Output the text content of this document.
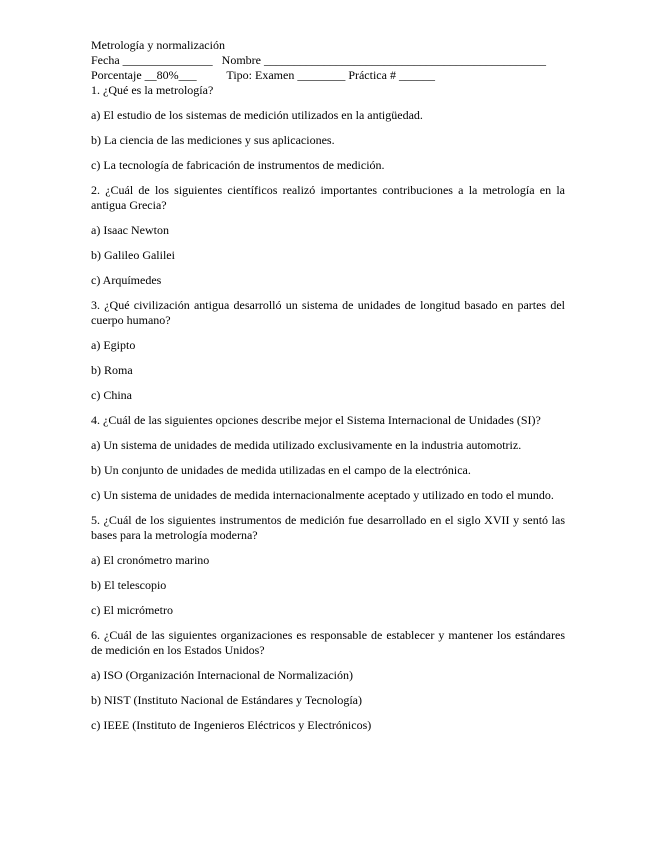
Metrología y normalización
Fecha _______________   Nombre _______________________________________________
Porcentaje __80%___          Tipo: Examen ________ Práctica # ______

1. ¿Qué es la metrología?

a) El estudio de los sistemas de medición utilizados en la antigüedad.

b) La ciencia de las mediciones y sus aplicaciones.

c) La tecnología de fabricación de instrumentos de medición.

2. ¿Cuál de los siguientes científicos realizó importantes contribuciones a la metrología en la antigua Grecia?

a) Isaac Newton

b) Galileo Galilei

c) Arquímedes

3. ¿Qué civilización antigua desarrolló un sistema de unidades de longitud basado en partes del cuerpo humano?

a) Egipto

b) Roma

c) China

4. ¿Cuál de las siguientes opciones describe mejor el Sistema Internacional de Unidades (SI)?

a) Un sistema de unidades de medida utilizado exclusivamente en la industria automotriz.

b) Un conjunto de unidades de medida utilizadas en el campo de la electrónica.

c) Un sistema de unidades de medida internacionalmente aceptado y utilizado en todo el mundo.

5. ¿Cuál de los siguientes instrumentos de medición fue desarrollado en el siglo XVII y sentó las bases para la metrología moderna?

a) El cronómetro marino

b) El telescopio

c) El micrómetro

6. ¿Cuál de las siguientes organizaciones es responsable de establecer y mantener los estándares de medición en los Estados Unidos?

a) ISO (Organización Internacional de Normalización)

b) NIST (Instituto Nacional de Estándares y Tecnología)

c) IEEE (Instituto de Ingenieros Eléctricos y Electrónicos)
